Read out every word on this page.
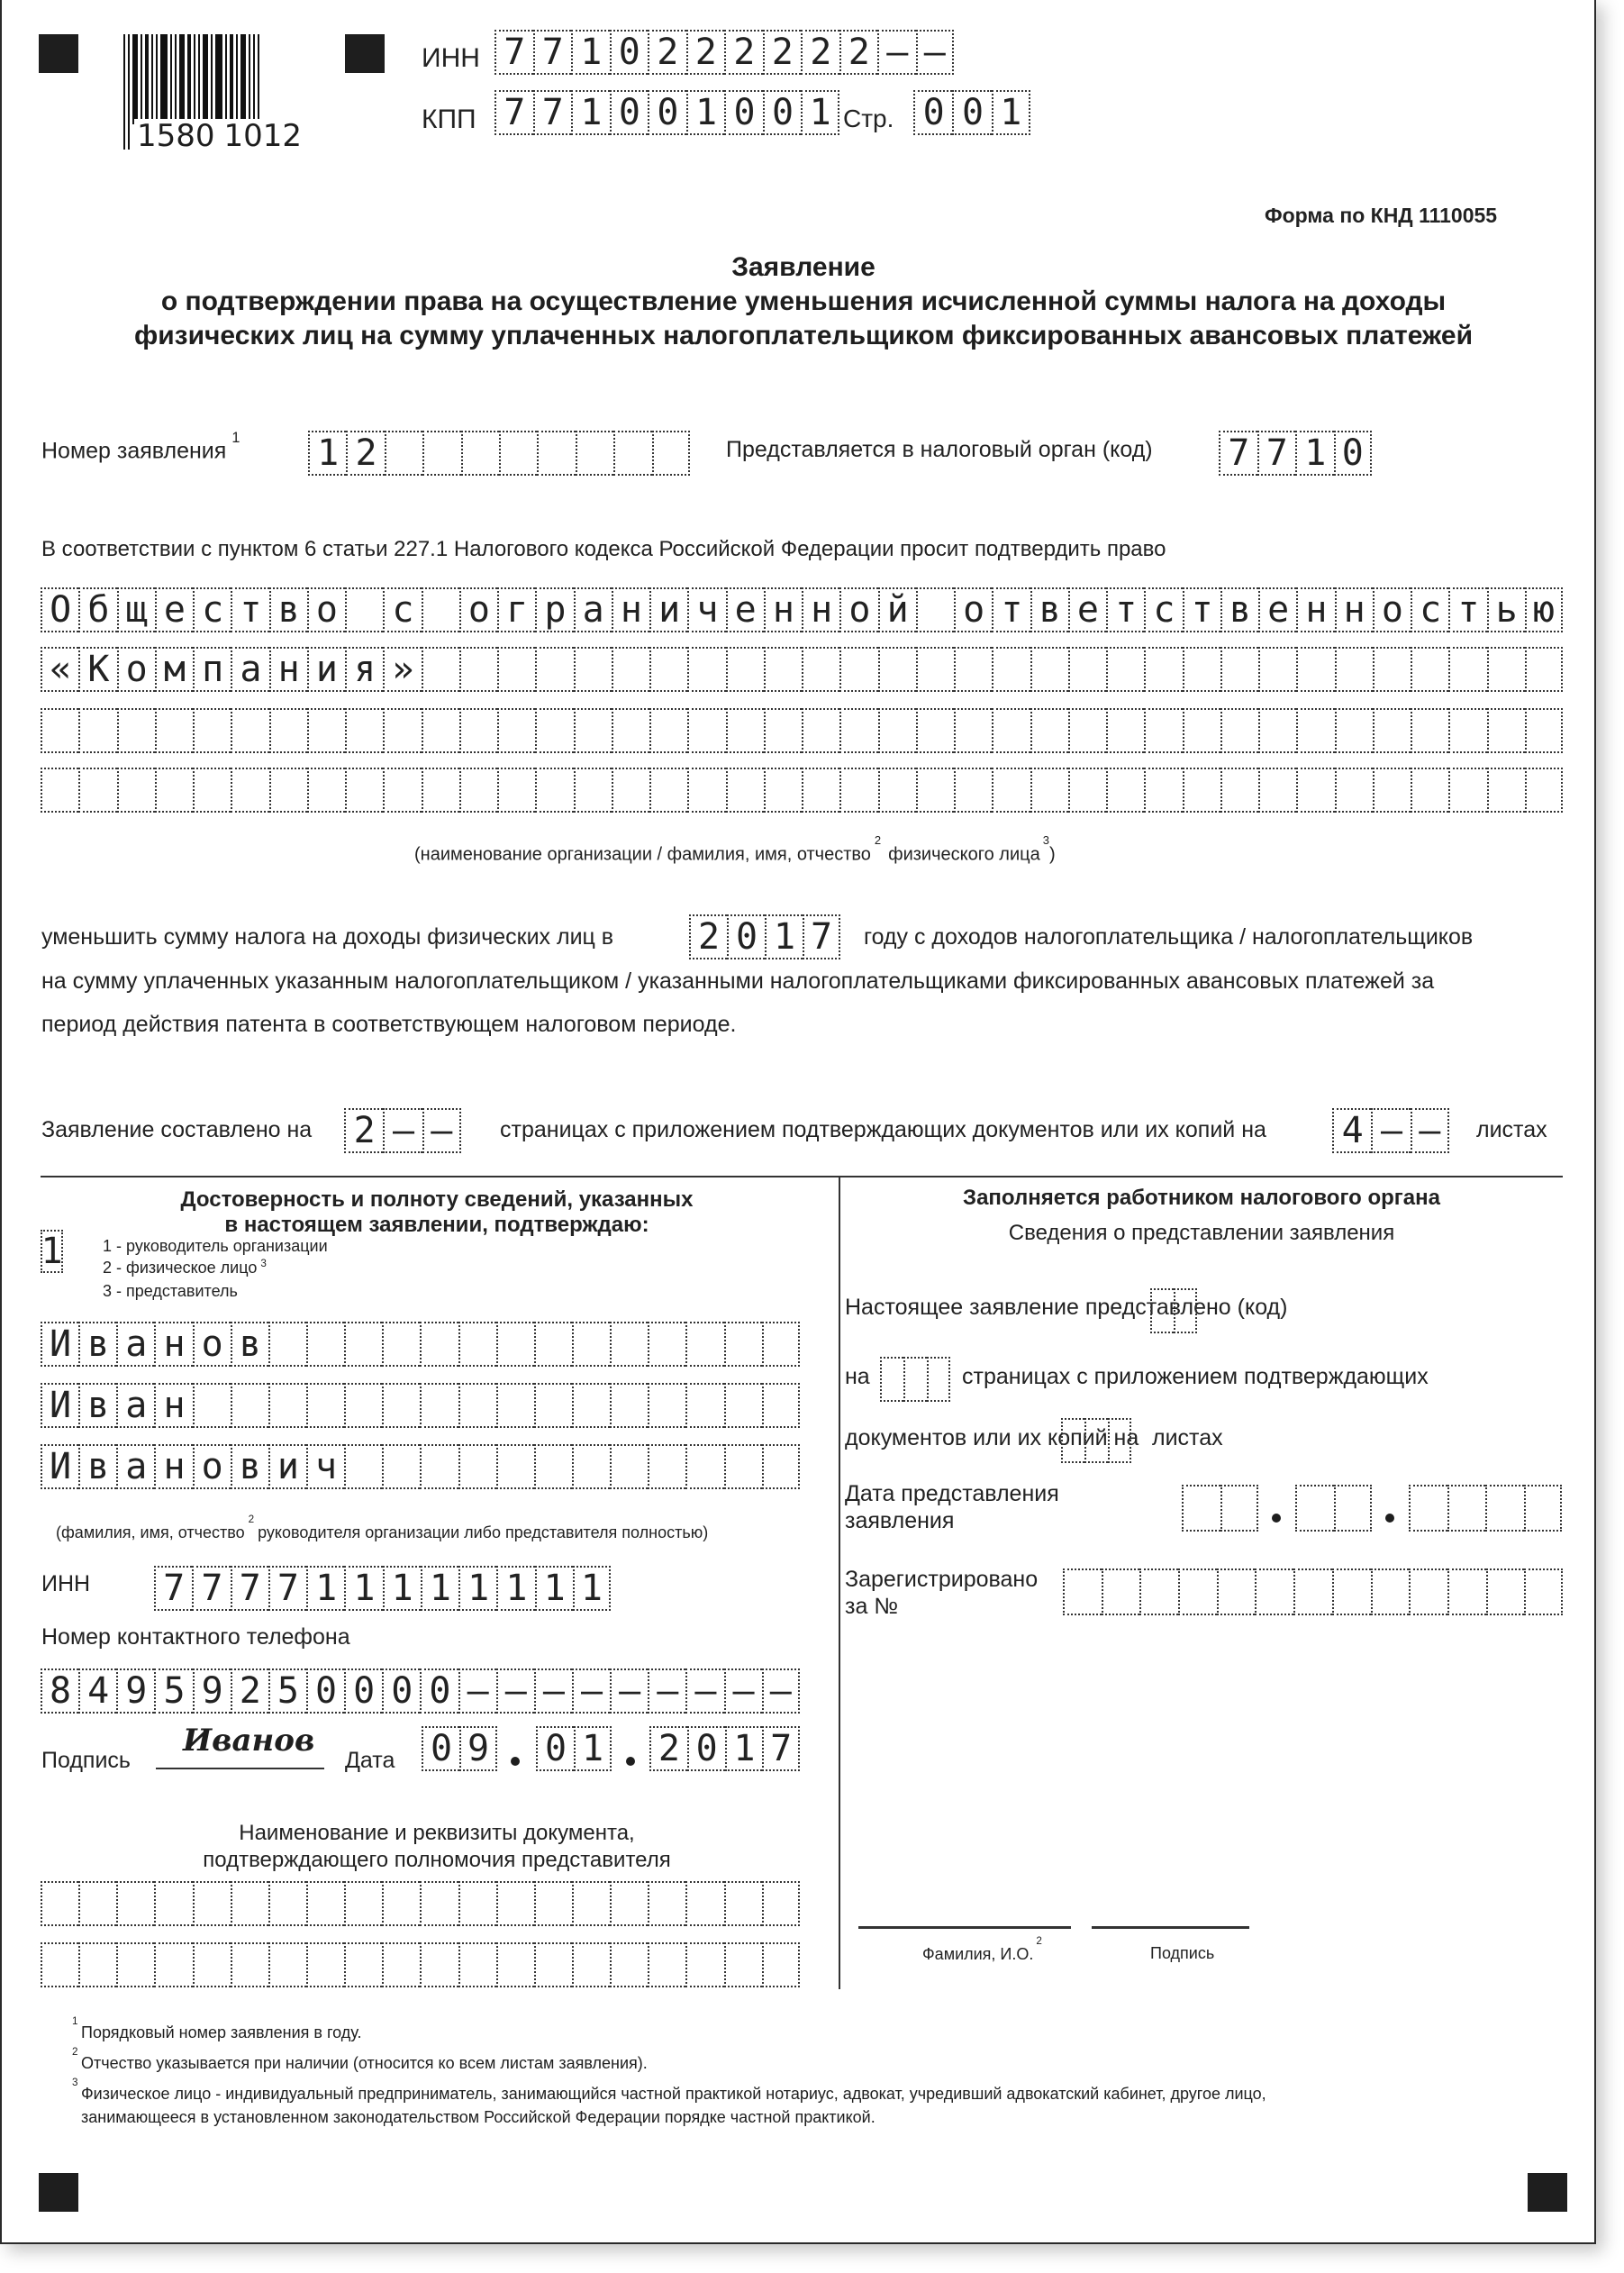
1580 1012
ИНН 7 7 1 0 2 2 2 2 2 2 – –
КПП 7 7 1 0 0 1 0 0 1 Стр. 0 0 1
Форма по КНД 1110055
Заявление
о подтверждении права на осуществление уменьшения исчисленной суммы налога на доходы
физических лиц на сумму уплаченных налогоплательщиком фиксированных авансовых платежей
Номер заявления$^1$ 1 2	Представляется в налоговый орган (код) 7 7 1 0
В соответствии с пунктом 6 статьи 227.1 Налогового кодекса Российской Федерации просит подтвердить право
О б щ е с т в о с о г р а н и ч е н н о й о т в е т с т в е н н о с т ь ю
« К о м п а н и я »
(наименование организации / фамилия, имя, отчество$^2$физического лица$^3$)
уменьшить сумму налога на доходы физических лиц в 2 0 1 7	году с доходов налогоплательщика / налогоплательщиков
на сумму уплаченных указанным налогоплательщиком / указанными налогоплательщиками фиксированных авансовых платежей за
период действия патента в соответствующем налоговом периоде.
Заявление составлено на 2 — —	страницах с приложением подтверждающих документов или их копий на 4 — —	листах
Достоверность и полноту сведений, указанных
в настоящем заявлении, подтверждаю:
1 1 - руководитель организации
2 - физическое лицо $^3$
3 - представитель
И в а н о в
И в а н
И в а н о в и ч
(фамилия, имя, отчество$^2$руководителя организации либо представителя полностью)
ИНН 7 7 7 7 1 1 1 1 1 1 1 1
Номер контактного телефона
8 4 9 5 9 2 5 0 0 0 0 — — — — — — — — —
Подпись
Иванов
Дата 0 9 0 1 2 0 1 7
Наименование и реквизиты документа,
подтверждающего полномочия представителя
Заполняется работником налогового органа
Сведения о представлении заявления
Настоящее заявление представлено (код)
на	страницах с приложением подтверждающих
документов или их копий на листах
Дата представления
заявления
Зарегистрировано
за №
Фамилия, И.О.$^2$
Подпись
1
Порядковый номер заявления в году.
2
Отчество указывается при наличии (относится ко всем листам заявления).
3
Физическое лицо - индивидуальный предприниматель, занимающийся частной практикой нотариус, адвокат, учредивший адвокатский кабинет, другое лицо,
занимающееся в установленном законодательством Российской Федерации порядке частной практикой.
